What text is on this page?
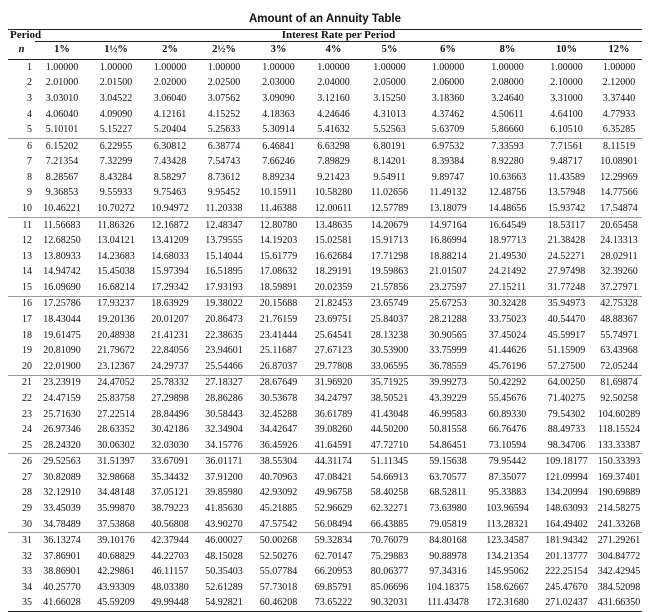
Amount of an Annuity Table
Period	Interest Rate per Period										
n	1%	1½%	2%	2½%	3%	4%	5%	6%	8%	10%	12%
1	1.00000	1.00000	1.00000	1.00000	1.00000	1.00000	1.00000	1.00000	1.00000	1.00000	1.00000
2	2.01000	2.01500	2.02000	2.02500	2.03000	2.04000	2.05000	2.06000	2.08000	2.10000	2.12000
3	3.03010	3.04522	3.06040	3.07562	3.09090	3.12160	3.15250	3.18360	3.24640	3.31000	3.37440
4	4.06040	4.09090	4.12161	4.15252	4.18363	4.24646	4.31013	4.37462	4.50611	4.64100	4.77933
5	5.10101	5.15227	5.20404	5.25633	5.30914	5.41632	5.52563	5.63709	5.86660	6.10510	6.35285
6	6.15202	6.22955	6.30812	6.38774	6.46841	6.63298	6.80191	6.97532	7.33593	7.71561	8.11519
7	7.21354	7.32299	7.43428	7.54743	7.66246	7.89829	8.14201	8.39384	8.92280	9.48717	10.08901
8	8.28567	8.43284	8.58297	8.73612	8.89234	9.21423	9.54911	9.89747	10.63663	11.43589	12.29969
9	9.36853	9.55933	9.75463	9.95452	10.15911	10.58280	11.02656	11.49132	12.48756	13.57948	14.77566
10	10.46221	10.70272	10.94972	11.20338	11.46388	12.00611	12.57789	13.18079	14.48656	15.93742	17.54874
11	11.56683	11.86326	12.16872	12.48347	12.80780	13.48635	14.20679	14.97164	16.64549	18.53117	20.65458
12	12.68250	13.04121	13.41209	13.79555	14.19203	15.02581	15.91713	16.86994	18.97713	21.38428	24.13313
13	13.80933	14.23683	14.68033	15.14044	15.61779	16.62684	17.71298	18.88214	21.49530	24.52271	28.02911
14	14.94742	15.45038	15.97394	16.51895	17.08632	18.29191	19.59863	21.01507	24.21492	27.97498	32.39260
15	16.09690	16.68214	17.29342	17.93193	18.59891	20.02359	21.57856	23.27597	27.15211	31.77248	37.27971
16	17.25786	17.93237	18.63929	19.38022	20.15688	21.82453	23.65749	25.67253	30.32428	35.94973	42.75328
17	18.43044	19.20136	20.01207	20.86473	21.76159	23.69751	25.84037	28.21288	33.75023	40.54470	48.88367
18	19.61475	20.48938	21.41231	22.38635	23.41444	25.64541	28.13238	30.90565	37.45024	45.59917	55.74971
19	20.81090	21.79672	22.84056	23.94601	25.11687	27.67123	30.53900	33.75999	41.44626	51.15909	63.43968
20	22.01900	23.12367	24.29737	25.54466	26.87037	29.77808	33.06595	36.78559	45.76196	57.27500	72.05244
21	23.23919	24.47052	25.78332	27.18327	28.67649	31.96920	35.71925	39.99273	50.42292	64.00250	81.69874
22	24.47159	25.83758	27.29898	28.86286	30.53678	34.24797	38.50521	43.39229	55.45676	71.40275	92.50258
23	25.71630	27.22514	28.84496	30.58443	32.45288	36.61789	41.43048	46.99583	60.89330	79.54302	104.60289
24	26.97346	28.63352	30.42186	32.34904	34.42647	39.08260	44.50200	50.81558	66.76476	88.49733	118.15524
25	28.24320	30.06302	32.03030	34.15776	36.45926	41.64591	47.72710	54.86451	73.10594	98.34706	133.33387
26	29.52563	31.51397	33.67091	36.01171	38.55304	44.31174	51.11345	59.15638	79.95442	109.18177	150.33393
27	30.82089	32.98668	35.34432	37.91200	40.70963	47.08421	54.66913	63.70577	87.35077	121.09994	169.37401
28	32.12910	34.48148	37.05121	39.85980	42.93092	49.96758	58.40258	68.52811	95.33883	134.20994	190.69889
29	33.45039	35.99870	38.79223	41.85630	45.21885	52.96629	62.32271	73.63980	103.96594	148.63093	214.58275
30	34.78489	37.53868	40.56808	43.90270	47.57542	56.08494	66.43885	79.05819	113.28321	164.49402	241.33268
31	36.13274	39.10176	42.37944	46.00027	50.00268	59.32834	70.76079	84.80168	123.34587	181.94342	271.29261
32	37.86901	40.68829	44.22703	48.15028	52.50276	62.70147	75.29883	90.88978	134.21354	201.13777	304.84772
33	38.86901	42.29861	46.11157	50.35403	55.07784	66.20953	80.06377	97.34316	145.95062	222.25154	342.42945
34	40.25770	43.93309	48.03380	52.61289	57.73018	69.85791	85.06696	104.18375	158.62667	245.47670	384.52098
35	41.66028	45.59209	49.99448	54.92821	60.46208	73.65222	90.32031	111.43478	172.31680	271.02437	431.66350
